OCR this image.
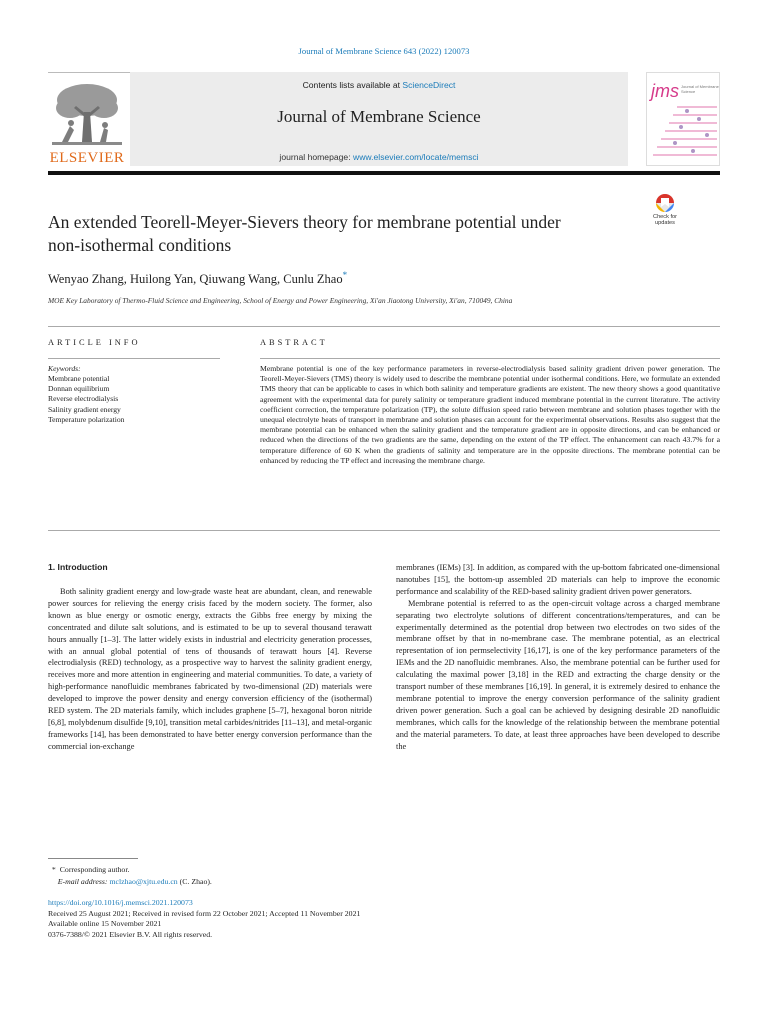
Journal of Membrane Science 643 (2022) 120073
ELSEVIER
Contents lists available at ScienceDirect
Journal of Membrane Science
journal homepage: www.elsevier.com/locate/memsci
jms Journal of Membrane Science
An extended Teorell-Meyer-Sievers theory for membrane potential under
non-isothermal conditions
Check for
updates
Wenyao Zhang, Huilong Yan, Qiuwang Wang, Cunlu Zhao*
MOE Key Laboratory of Thermo-Fluid Science and Engineering, School of Energy and Power Engineering, Xi'an Jiaotong University, Xi'an, 710049, China
ARTICLE INFO	ABSTRACT
Keywords:
Membrane potential
Donnan equilibrium
Reverse electrodialysis
Salinity gradient energy
Temperature polarization
Membrane potential is one of the key performance parameters in reverse-electrodialysis based salinity gradient driven power generation. The Teorell-Meyer-Sievers (TMS) theory is widely used to describe the membrane potential under isothermal conditions. Here, we formulate an extended TMS theory that can be applicable to cases in which both salinity and temperature gradients are existent. The new theory shows a good quantitative agreement with the experimental data for purely salinity or temperature gradient induced membrane potential in the current literature. The activity coefficient correction, the temperature polarization (TP), the solute diffusion speed ratio between membrane and solution phases together with the unequal electrolyte heats of transport in membrane and solution phases can account for the experimental observations. Results also suggest that the membrane potential can be enhanced when the salinity gradient and the temperature gradient are in opposite directions, and can be enhanced or reduced when the directions of the two gradients are the same, depending on the extent of the TP effect. The enhancement can reach 43.7% for a temperature difference of 60 K when the gradients of salinity and temperature are in the opposite directions. The membrane potential can be enhanced by reducing the TP effect and increasing the membrane charge.
1. Introduction

Both salinity gradient energy and low-grade waste heat are abundant, clean, and renewable power sources for relieving the energy crisis faced by the modern society. The former, also known as blue energy or osmotic energy, extracts the Gibbs free energy by mixing the concentrated and dilute salt solutions, and is estimated to be up to several thousand terawatt hours annually [1–3]. The latter widely exists in industrial and electricity generation processes, with an annual global potential of tens of thousands of terawatt hours [4]. Reverse electrodialysis (RED) technology, as a prospective way to harvest the salinity gradient energy, receives more and more attention in engineering and material communities. To date, a variety of high-performance nanofluidic membranes fabricated by two-dimensional (2D) materials were developed to improve the power density and energy conversion efficiency of the (isothermal) RED system. The 2D materials family, which includes graphene [5–7], hexagonal boron nitride [6,8], molybdenum disulfide [9,10], transition metal carbides/nitrides [11–13], and metal-organic frameworks [14], has been demonstrated to have better energy conversion performance than the commercial ion-exchange

membranes (IEMs) [3]. In addition, as compared with the up-bottom fabricated one-dimensional nanotubes [15], the bottom-up assembled 2D materials can help to improve the economic performance and scalability of the RED-based salinity gradient driven power generators.

Membrane potential is referred to as the open-circuit voltage across a charged membrane separating two electrolyte solutions of different concentrations/temperatures, and can be experimentally determined as the potential drop between two electrodes on two sides of the membrane offset by that in no-membrane case. The membrane potential, as an electrical representation of ion permselectivity [16,17], is one of the key performance parameters of the IEMs and the 2D nanofluidic membranes. Also, the membrane potential can be further used for calculating the maximal power [3,18] in the RED and extracting the charge density or the transport number of these membranes [16,19]. In general, it is extremely desired to enhance the membrane potential to improve the energy conversion performance of the salinity gradient driven power generation. Such a goal can be achieved by designing desirable 2D nanofluidic membranes, which calls for the knowledge of the relationship between the membrane potential and the material parameters. To date, at least three approaches have been developed to describe the

* Corresponding author.
E-mail address: mclzhao@xjtu.edu.cn (C. Zhao).
https://doi.org/10.1016/j.memsci.2021.120073
Received 25 August 2021; Received in revised form 22 October 2021; Accepted 11 November 2021
Available online 15 November 2021
0376-7388/© 2021 Elsevier B.V. All rights reserved.
